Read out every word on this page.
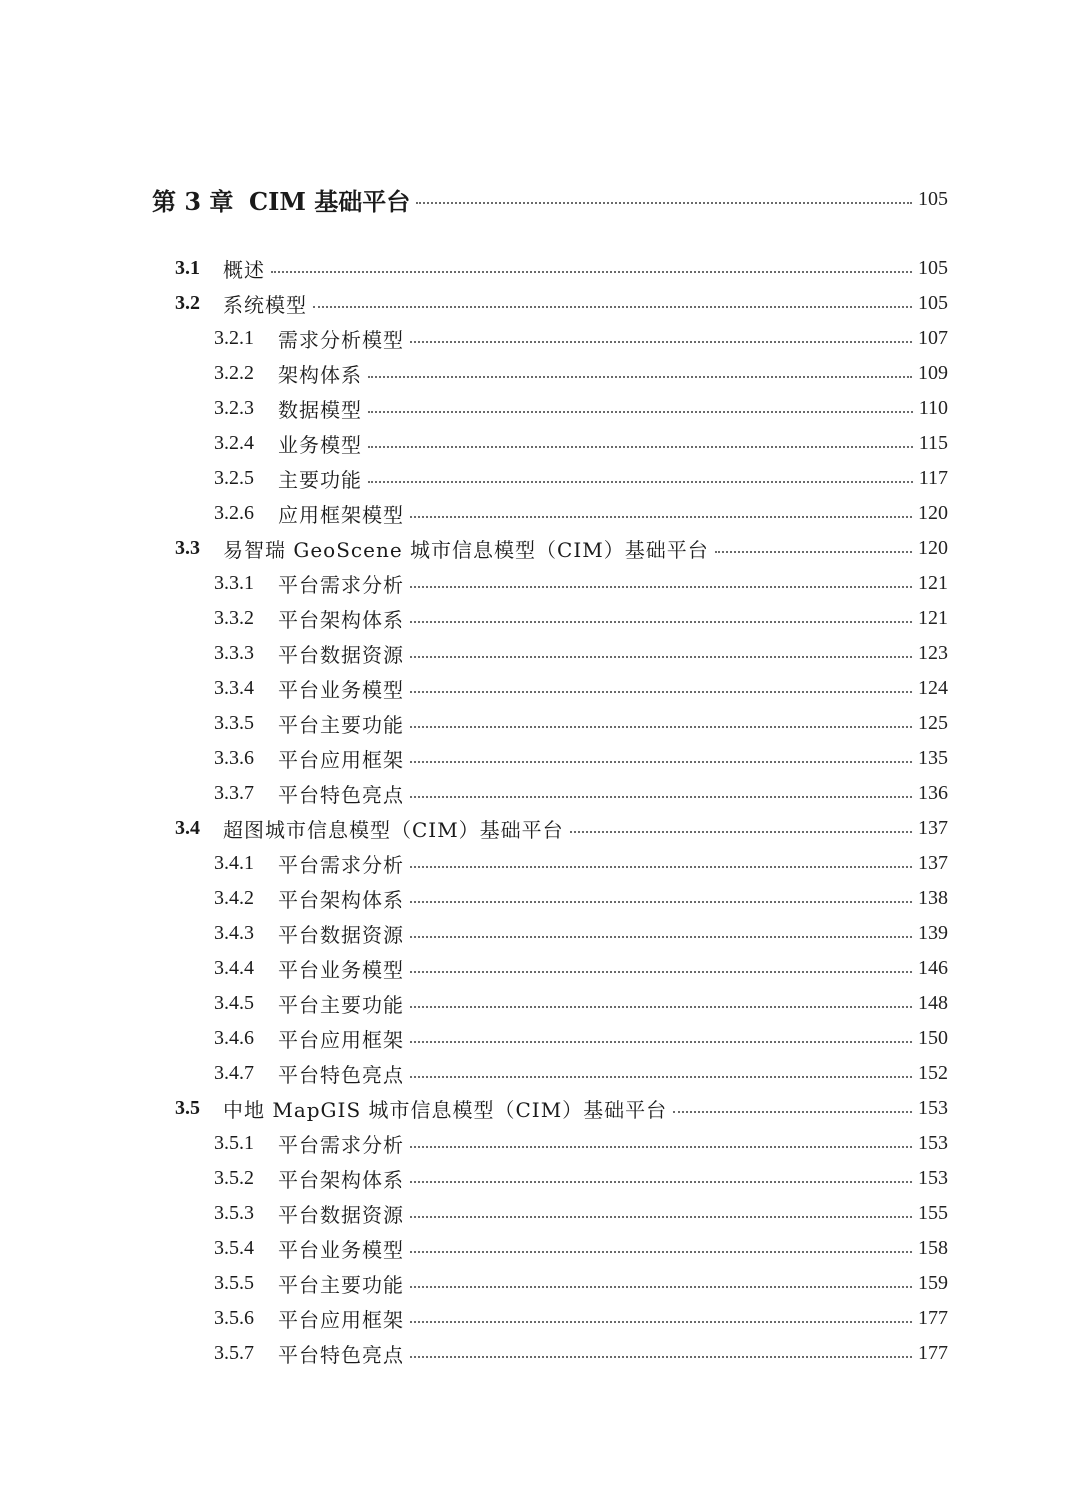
第 3 章 CIM 基础平台	105
3.1	概述	105
3.2	系统模型	105
3.2.1	需求分析模型	107
3.2.2	架构体系	109
3.2.3	数据模型	110
3.2.4	业务模型	115
3.2.5	主要功能	117
3.2.6	应用框架模型	120
3.3	易智瑞 GeoScene 城市信息模型（CIM）基础平台	120
3.3.1	平台需求分析	121
3.3.2	平台架构体系	121
3.3.3	平台数据资源	123
3.3.4	平台业务模型	124
3.3.5	平台主要功能	125
3.3.6	平台应用框架	135
3.3.7	平台特色亮点	136
3.4	超图城市信息模型（CIM）基础平台	137
3.4.1	平台需求分析	137
3.4.2	平台架构体系	138
3.4.3	平台数据资源	139
3.4.4	平台业务模型	146
3.4.5	平台主要功能	148
3.4.6	平台应用框架	150
3.4.7	平台特色亮点	152
3.5	中地 MapGIS 城市信息模型（CIM）基础平台	153
3.5.1	平台需求分析	153
3.5.2	平台架构体系	153
3.5.3	平台数据资源	155
3.5.4	平台业务模型	158
3.5.5	平台主要功能	159
3.5.6	平台应用框架	177
3.5.7	平台特色亮点	177
